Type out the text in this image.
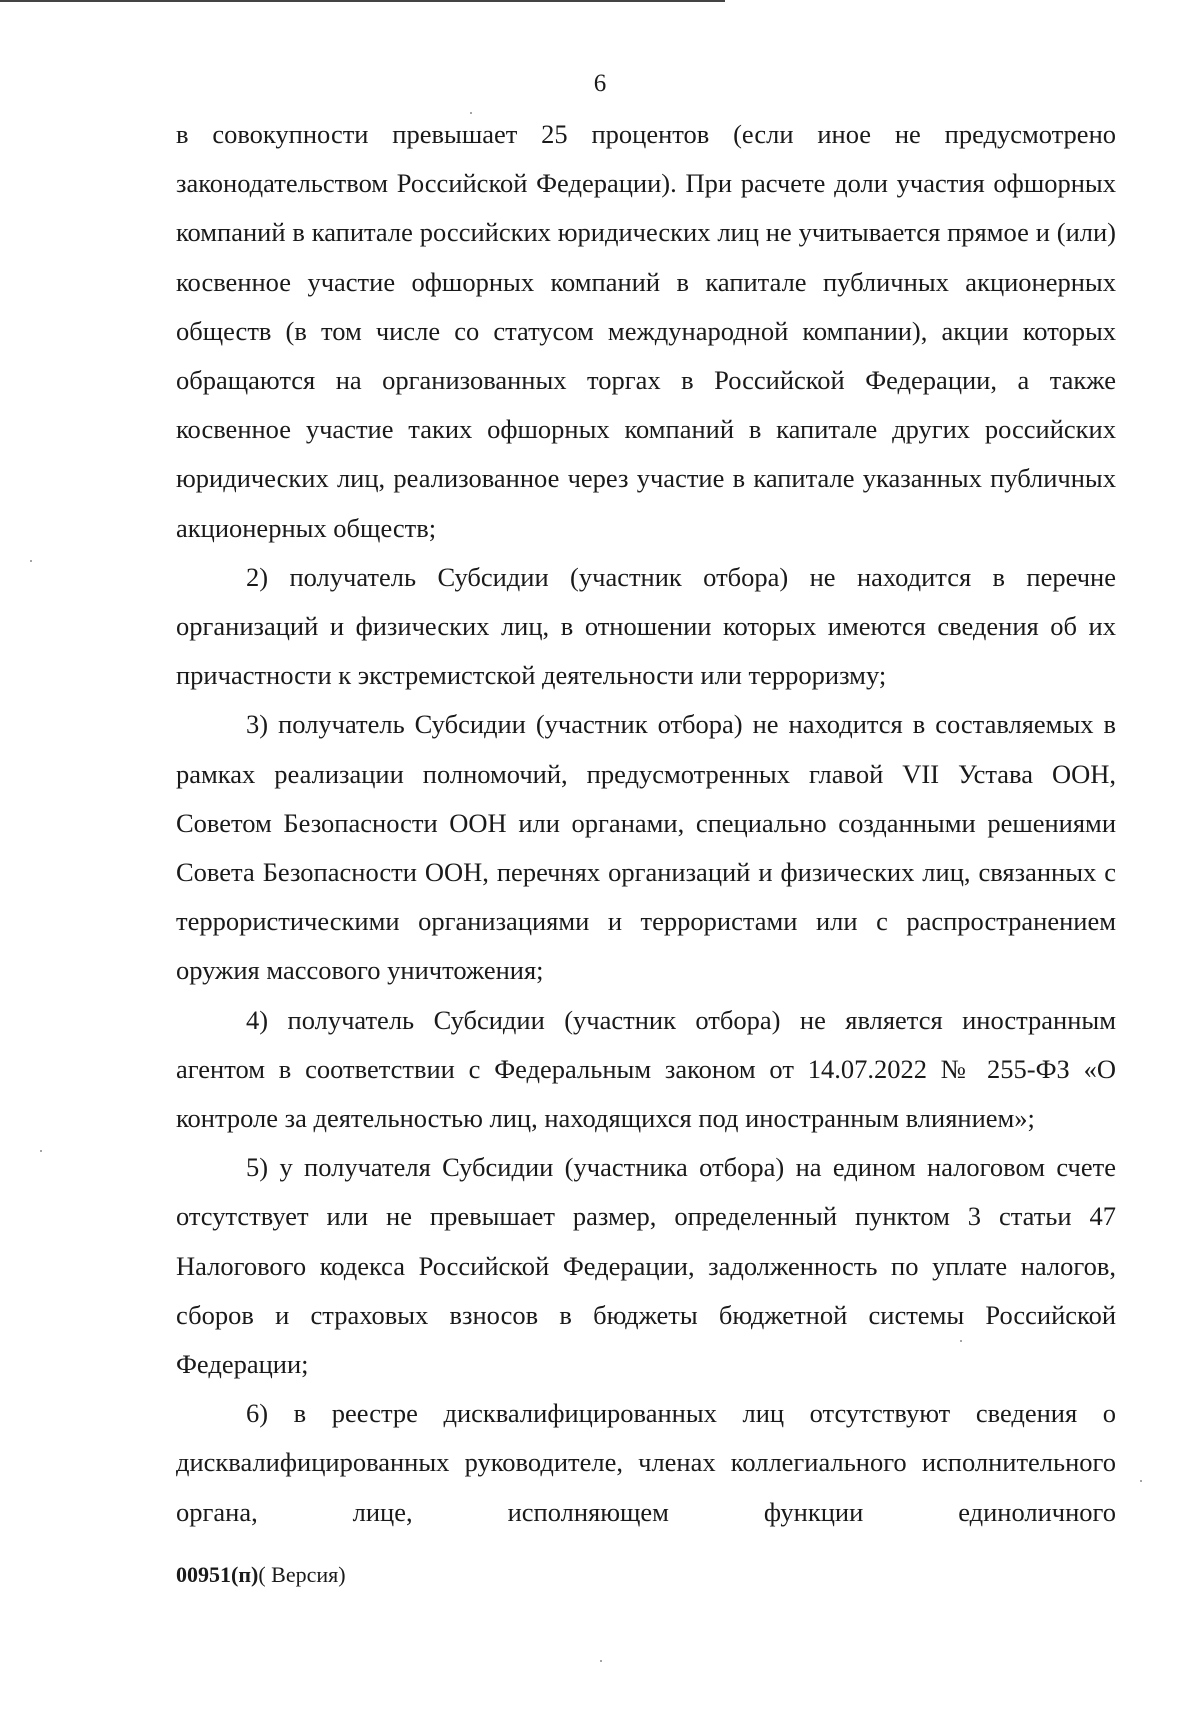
6

в совокупности превышает 25 процентов (если иное не предусмотрено законодательством Российской Федерации). При расчете доли участия офшорных компаний в капитале российских юридических лиц не учитывается прямое и (или) косвенное участие офшорных компаний в капитале публичных акционерных обществ (в том числе со статусом международной компании), акции которых обращаются на организованных торгах в Российской Федерации, а также косвенное участие таких офшорных компаний в капитале других российских юридических лиц, реализованное через участие в капитале указанных публичных акционерных обществ;

2) получатель Субсидии (участник отбора) не находится в перечне организаций и физических лиц, в отношении которых имеются сведения об их причастности к экстремистской деятельности или терроризму;

3) получатель Субсидии (участник отбора) не находится в составляемых в рамках реализации полномочий, предусмотренных главой VII Устава ООН, Советом Безопасности ООН или органами, специально созданными решениями Совета Безопасности ООН, перечнях организаций и физических лиц, связанных с террористическими организациями и террористами или с распространением оружия массового уничтожения;

4) получатель Субсидии (участник отбора) не является иностранным агентом в соответствии с Федеральным законом от 14.07.2022 № 255-ФЗ «О контроле за деятельностью лиц, находящихся под иностранным влиянием»;

5) у получателя Субсидии (участника отбора) на едином налоговом счете отсутствует или не превышает размер, определенный пунктом 3 статьи 47 Налогового кодекса Российской Федерации, задолженность по уплате налогов, сборов и страховых взносов в бюджеты бюджетной системы Российской Федерации;

6) в реестре дисквалифицированных лиц отсутствуют сведения о дисквалифицированных руководителе, членах коллегиального исполнительного органа, лице, исполняющем функции единоличного

00951(п)( Версия)
